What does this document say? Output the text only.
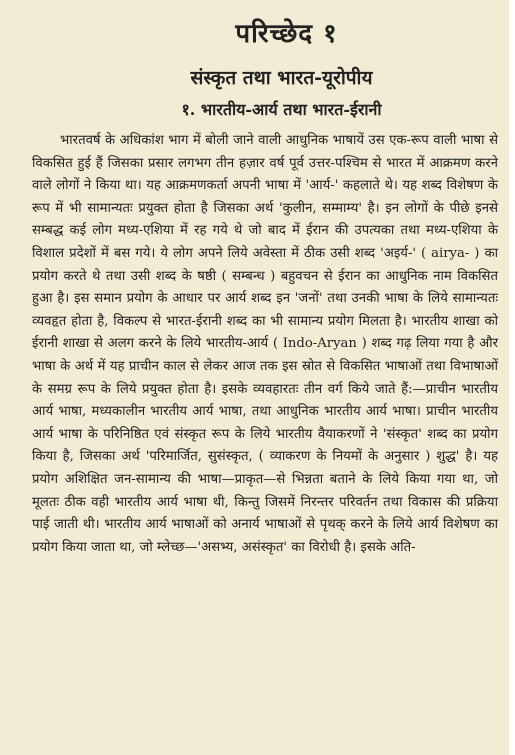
परिच्छेद १
संस्कृत तथा भारत-यूरोपीय
१. भारतीय-आर्य तथा भारत-ईरानी

भारतवर्ष के अधिकांश भाग में बोली जाने वाली आधुनिक भाषायें उस एक-रूप वाली भाषा से विकसित हुई हैं जिसका प्रसार लगभग तीन हज़ार वर्ष पूर्व उत्तर-पश्चिम से भारत में आक्रमण करने वाले लोगों ने किया था। यह आक्रमणकर्ता अपनी भाषा में 'आर्य-' कहलाते थे। यह शब्द विशेषण के रूप में भी सामान्यतः प्रयुक्त होता है जिसका अर्थ 'कुलीन, सम्माम्य' है। इन लोगों के पीछे इनसे सम्बद्ध कई लोग मध्य-एशिया में रह गये थे जो बाद में ईरान की उपत्यका तथा मध्य-एशिया के विशाल प्रदेशों में बस गये। ये लोग अपने लिये अवेस्ता में ठीक उसी शब्द 'अइर्य-' ( airya- ) का प्रयोग करते थे तथा उसी शब्द के षष्ठी ( सम्बन्ध ) बहुवचन से ईरान का आधुनिक नाम विकसित हुआ है। इस समान प्रयोग के आधार पर आर्य शब्द इन 'जनों' तथा उनकी भाषा के लिये सामान्यतः व्यवहृत होता है, विकल्प से भारत-ईरानी शब्द का भी सामान्य प्रयोग मिलता है। भारतीय शाखा को ईरानी शाखा से अलग करने के लिये भारतीय-आर्य ( Indo-Aryan ) शब्द गढ़ लिया गया है और भाषा के अर्थ में यह प्राचीन काल से लेकर आज तक इस स्रोत से विकसित भाषाओं तथा विभाषाओं के समग्र रूप के लिये प्रयुक्त होता है। इसके व्यवहारतः तीन वर्ग किये जाते हैं:—प्राचीन भारतीय आर्य भाषा, मध्यकालीन भारतीय आर्य भाषा, तथा आधुनिक भारतीय आर्य भाषा। प्राचीन भारतीय आर्य भाषा के परिनिष्ठित एवं संस्कृत रूप के लिये भारतीय वैयाकरणों ने 'संस्कृत' शब्द का प्रयोग किया है, जिसका अर्थ 'परिमार्जित, सुसंस्कृत, ( व्याकरण के नियमों के अनुसार ) शुद्ध' है। यह प्रयोग अशिक्षित जन-सामान्य की भाषा—प्राकृत—से भिन्नता बताने के लिये किया गया था, जो मूलतः ठीक वही भारतीय आर्य भाषा थी, किन्तु जिसमें निरन्तर परिवर्तन तथा विकास की प्रक्रिया पाई जाती थी। भारतीय आर्य भाषाओं को अनार्य भाषाओं से पृथक् करने के लिये आर्य विशेषण का प्रयोग किया जाता था, जो म्लेच्छ—'असभ्य, असंस्कृत' का विरोधी है। इसके अति-
